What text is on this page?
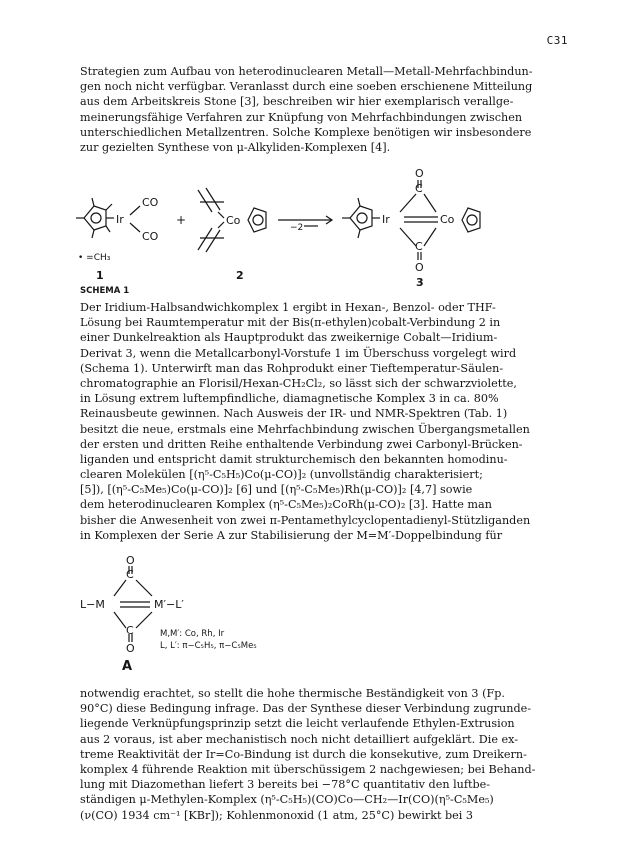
C31
Strategien zum Aufbau von heterodinuclearen Metall—Metall-Mehrfachbindun-
gen noch nicht verfügbar. Veranlasst durch eine soeben erschienene Mitteilung
aus dem Arbeitskreis Stone [3], beschreiben wir hier exemplarisch verallge-
meinerungsfähige Verfahren zur Knüpfung von Mehrfachbindungen zwischen
unterschiedlichen Metallzentren. Solche Komplexe benötigen wir insbesondere
zur gezielten Synthese von μ-Alkyliden-Komplexen [4].
Ir
CO
CO
+	Co
−2
Ir	Co
C
O
C
O
• =CH₃
1	2
3
SCHEMA 1
Der Iridium-Halbsandwichkomplex 1 ergibt in Hexan-, Benzol- oder THF-
Lösung bei Raumtemperatur mit der Bis(π-ethylen)cobalt-Verbindung 2 in
einer Dunkelreaktion als Hauptprodukt das zweikernige Cobalt—Iridium-
Derivat 3, wenn die Metallcarbonyl-Vorstufe 1 im Überschuss vorgelegt wird
(Schema 1). Unterwirft man das Rohprodukt einer Tieftemperatur-Säulen-
chromatographie an Florisil/Hexan-CH₂Cl₂, so lässt sich der schwarzviolette,
in Lösung extrem luftempfindliche, diamagnetische Komplex 3 in ca. 80%
Reinausbeute gewinnen. Nach Ausweis der IR- und NMR-Spektren (Tab. 1)
besitzt die neue, erstmals eine Mehrfachbindung zwischen Übergangsmetallen
der ersten und dritten Reihe enthaltende Verbindung zwei Carbonyl-Brücken-
liganden und entspricht damit strukturchemisch den bekannten homodinu-
clearen Molekülen [(η⁵-C₅H₅)Co(μ-CO)]₂ (unvollständig charakterisiert;
[5]), [(η⁵-C₅Me₅)Co(μ-CO)]₂ [6] und [(η⁵-C₅Me₅)Rh(μ-CO)]₂ [4,7] sowie
dem heterodinuclearen Komplex (η⁵-C₅Me₅)₂CoRh(μ-CO)₂ [3]. Hatte man
bisher die Anwesenheit von zwei π-Pentamethylcyclopentadienyl-Stützliganden
in Komplexen der Serie A zur Stabilisierung der M=M′-Doppelbindung für
O
C
L−M	M′−L′
C
O
M,M′: Co, Rh, Ir
L, L′: π−C₅H₅, π−C₅Me₅
A
notwendig erachtet, so stellt die hohe thermische Beständigkeit von 3 (Fp.
90°C) diese Bedingung infrage. Das der Synthese dieser Verbindung zugrunde-
liegende Verknüpfungsprinzip setzt die leicht verlaufende Ethylen-Extrusion
aus 2 voraus, ist aber mechanistisch noch nicht detailliert aufgeklärt. Die ex-
treme Reaktivität der Ir=Co-Bindung ist durch die konsekutive, zum Dreikern-
komplex 4 führende Reaktion mit überschüssigem 2 nachgewiesen; bei Behand-
lung mit Diazomethan liefert 3 bereits bei −78°C quantitativ den luftbe-
ständigen μ-Methylen-Komplex (η⁵-C₅H₅)(CO)Co—CH₂—Ir(CO)(η⁵-C₅Me₅)
(ν(CO) 1934 cm⁻¹ [KBr]); Kohlenmonoxid (1 atm, 25°C) bewirkt bei 3
